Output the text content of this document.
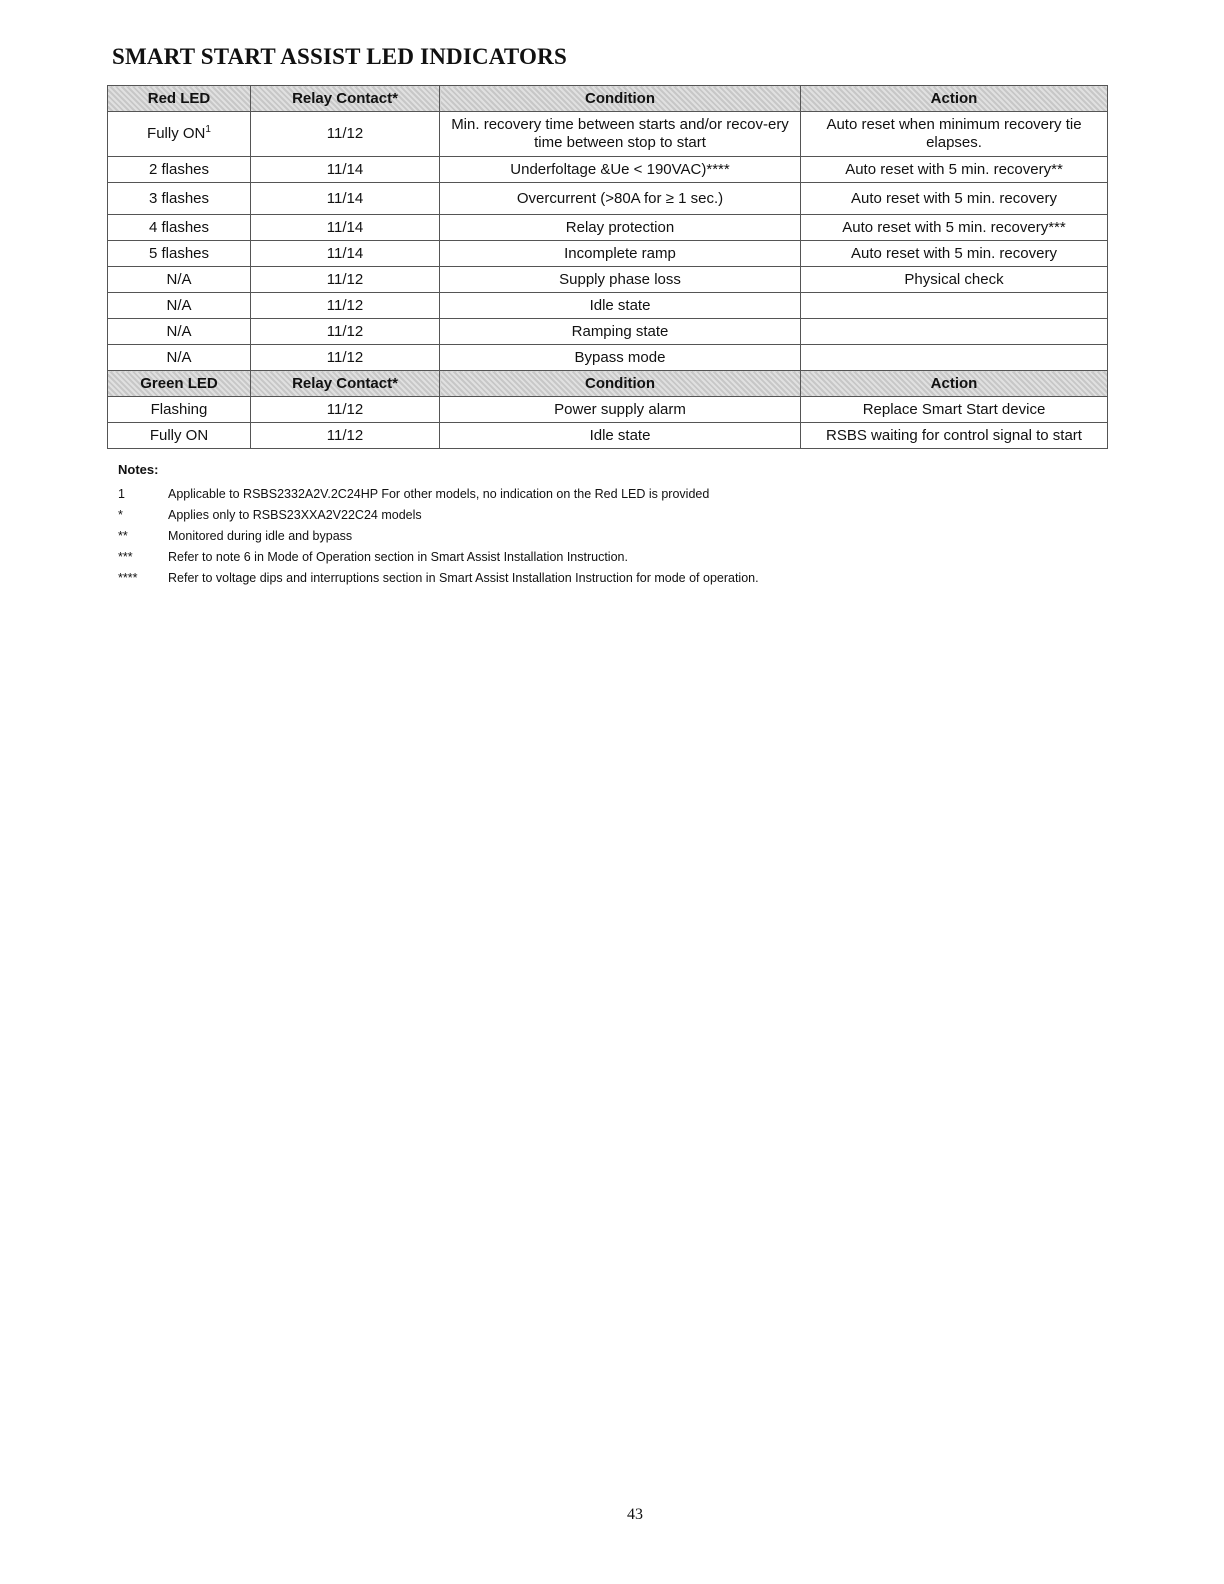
SMART START ASSIST LED INDICATORS
Red LED	Relay Contact*	Condition	Action
Fully $ON^1$	11/12	Min. recovery time between starts and/or recov-ery time between stop to start	Auto reset when minimum recovery tie elapses.
2 flashes	11/14	Underfoltage &Ue < 190VAC)****	Auto reset with 5 min. recovery**
3 flashes	11/14	Overcurrent (>80A for ≥ 1 sec.)	Auto reset with 5 min. recovery
4 flashes	11/14	Relay protection	Auto reset with 5 min. recovery***
5 flashes	11/14	Incomplete ramp	Auto reset with 5 min. recovery
N/A	11/12	Supply phase loss	Physical check
N/A	11/12	Idle state	
N/A	11/12	Ramping state	
N/A	11/12	Bypass mode	
Green LED	Relay Contact*	Condition	Action
Flashing	11/12	Power supply alarm	Replace Smart Start device
Fully ON	11/12	Idle state	RSBS waiting for control signal to start
Notes:
1	Applicable to RSBS2332A2V.2C24HP For other models, no indication on the Red LED is provided
*	Applies only to RSBS23XXA2V22C24 models
**	Monitored during idle and bypass
***	Refer to note 6 in Mode of Operation section in Smart Assist Installation Instruction.
****	Refer to voltage dips and interruptions section in Smart Assist Installation Instruction for mode of operation.
43
